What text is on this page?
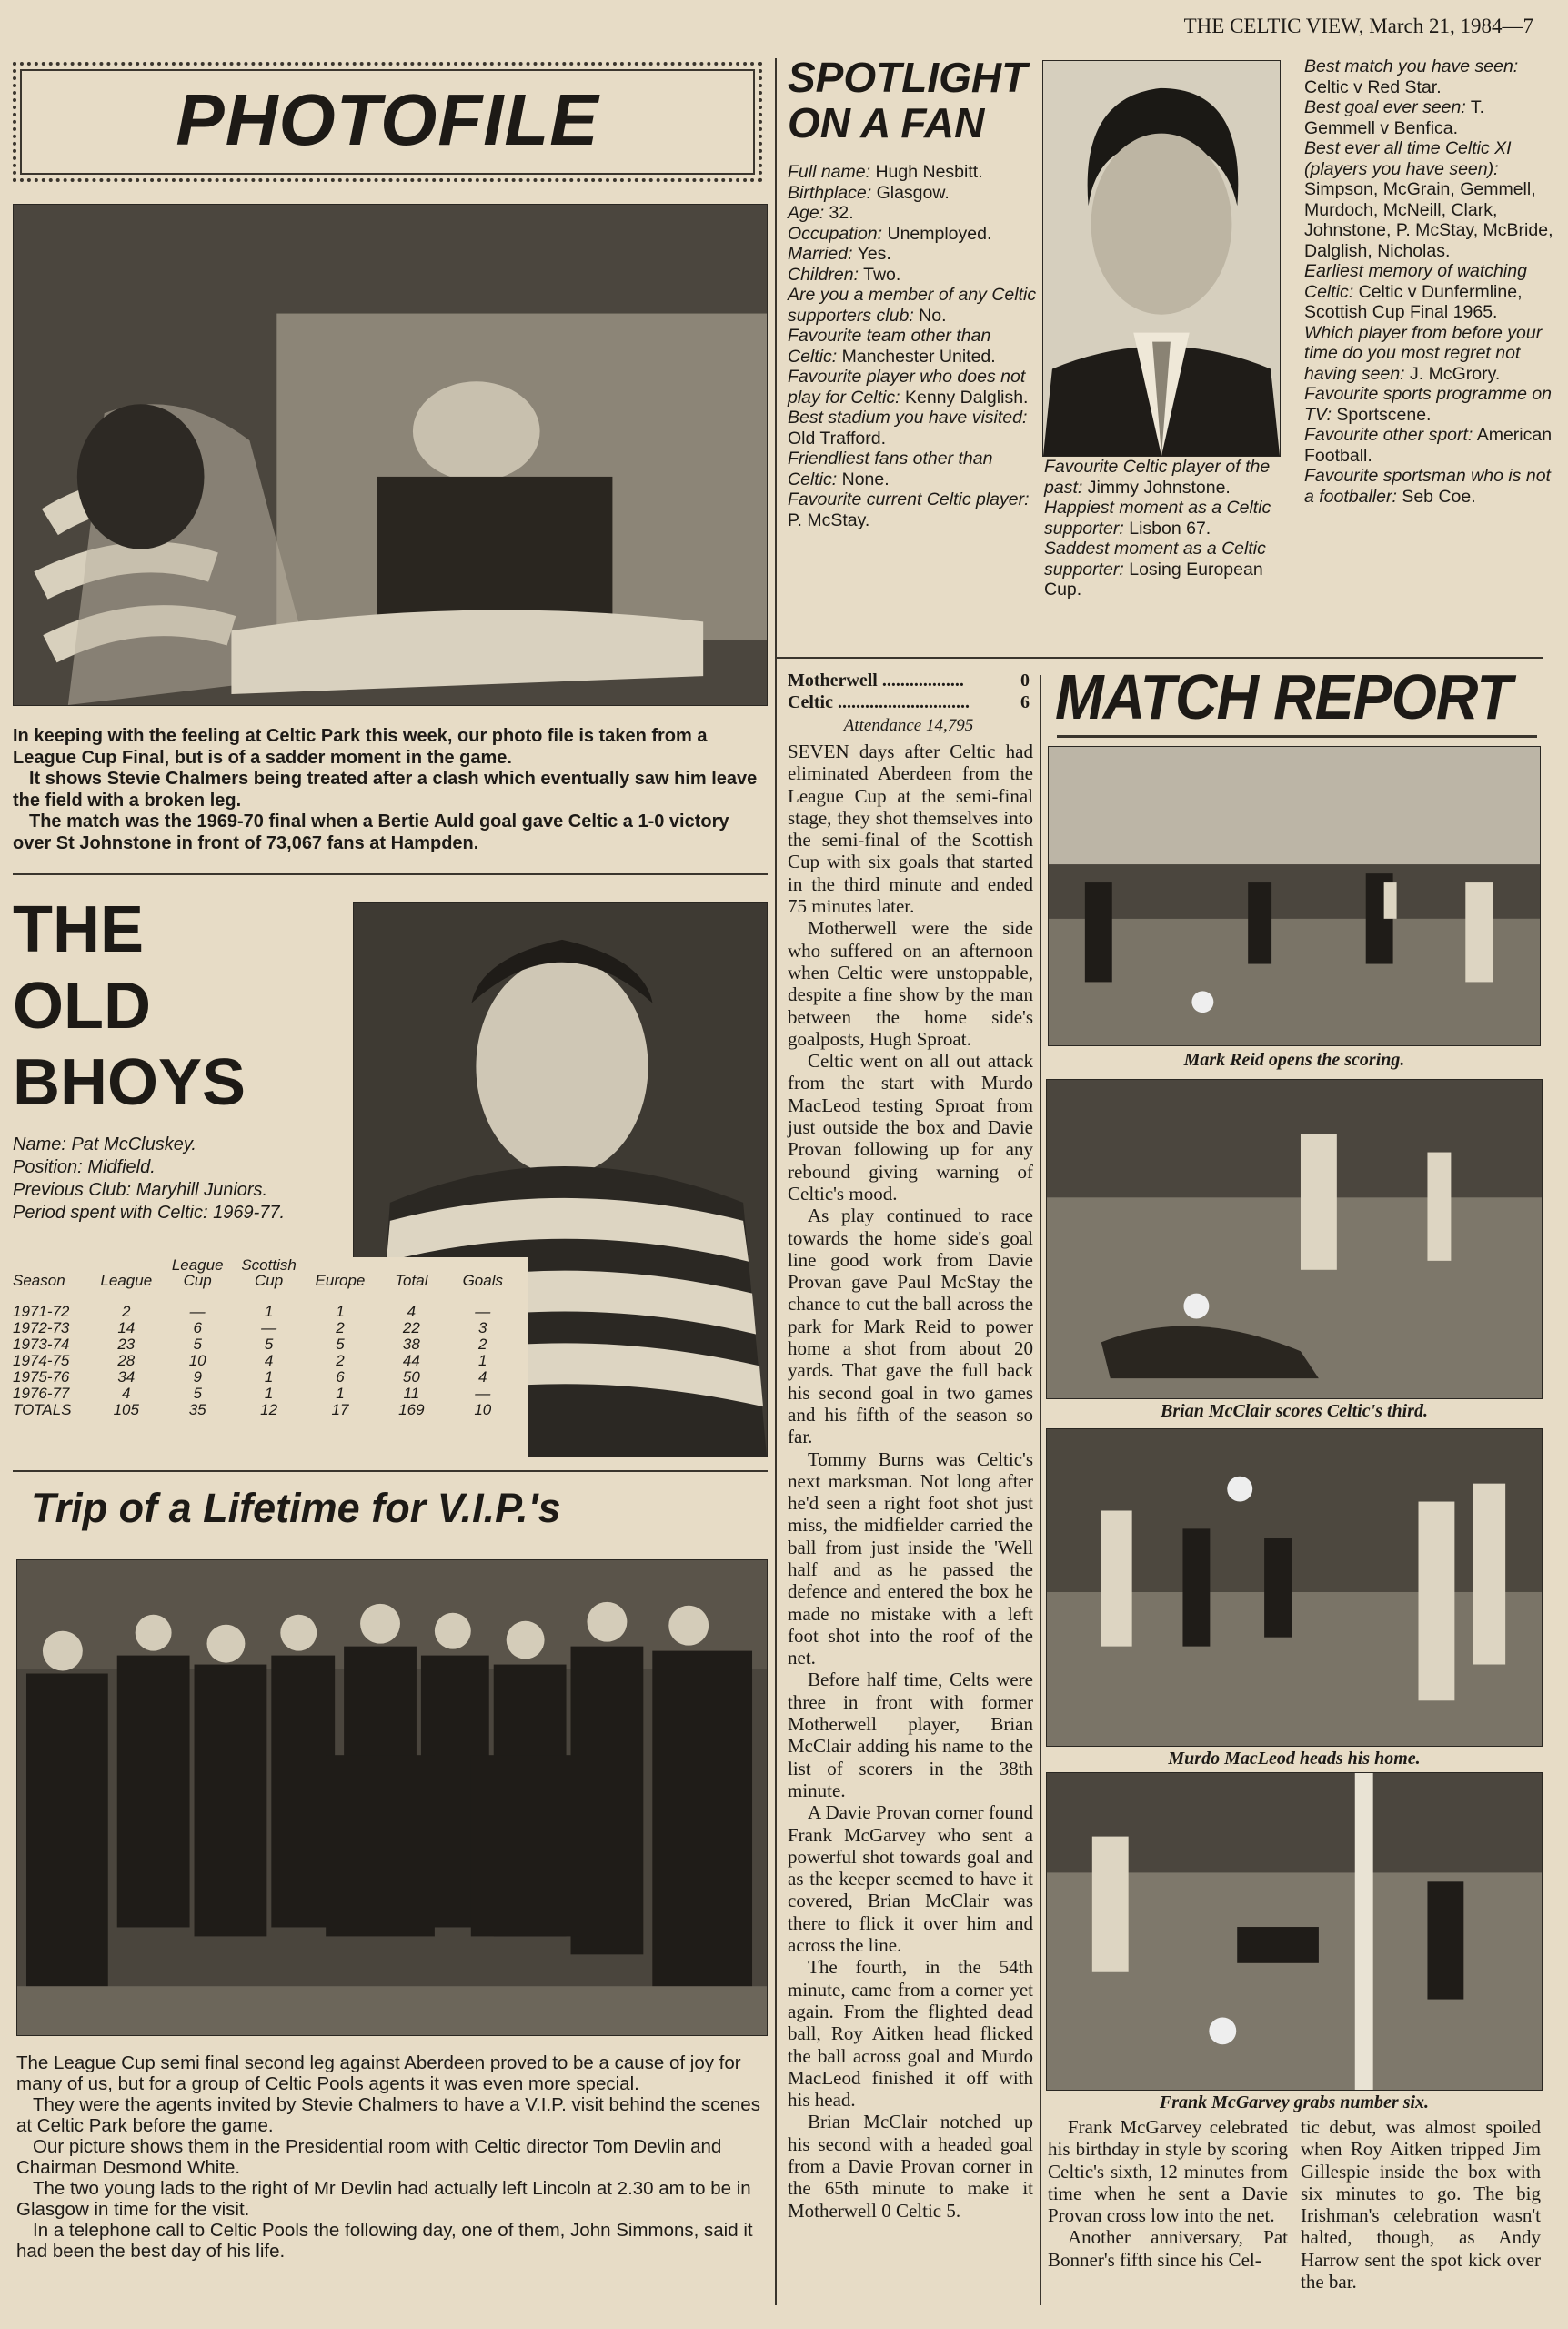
THE CELTIC VIEW, March 21, 1984—7
PHOTOFILE

In keeping with the feeling at Celtic Park this week, our photo file is taken from a League Cup Final, but is of a sadder moment in the game.

It shows Stevie Chalmers being treated after a clash which eventually saw him leave the field with a broken leg.

The match was the 1969-70 final when a Bertie Auld goal gave Celtic a 1-0 victory over St Johnstone in front of 73,067 fans at Hampden.

THE
OLD
BHOYS
Name: Pat McCluskey.
Position: Midfield.
Previous Club: Maryhill Juniors.
Period spent with Celtic: 1969-77.
Season	League	League Cup	Scottish Cup	Europe	Total	Goals
1971-72	2	—	1	1	4	—
1972-73	14	6	—	2	22	3
1973-74	23	5	5	5	38	2
1974-75	28	10	4	2	44	1
1975-76	34	9	1	6	50	4
1976-77	4	5	1	1	11	—
TOTALS	105	35	12	17	169	10
Trip of a Lifetime for V.I.P.'s

The League Cup semi final second leg against Aberdeen proved to be a cause of joy for many of us, but for a group of Celtic Pools agents it was even more special.

They were the agents invited by Stevie Chalmers to have a V.I.P. visit behind the scenes at Celtic Park before the game.

Our picture shows them in the Presidential room with Celtic director Tom Devlin and Chairman Desmond White.

The two young lads to the right of Mr Devlin had actually left Lincoln at 2.30 am to be in Glasgow in time for the visit.

In a telephone call to Celtic Pools the following day, one of them, John Simmons, said it had been the best day of his life.

SPOTLIGHT
ON A FAN
Full name: Hugh Nesbitt.
Birthplace: Glasgow.
Age: 32.
Occupation: Unemployed.
Married: Yes.
Children: Two.
Are you a member of any Celtic supporters club: No.
Favourite team other than Celtic: Manchester United.
Favourite player who does not play for Celtic: Kenny Dalglish.
Best stadium you have visited: Old Trafford.
Friendliest fans other than Celtic: None.
Favourite current Celtic player: P. McStay.
Favourite Celtic player of the past: Jimmy Johnstone.
Happiest moment as a Celtic supporter: Lisbon 67.
Saddest moment as a Celtic supporter: Losing European Cup.
Best match you have seen: Celtic v Red Star.
Best goal ever seen: T. Gemmell v Benfica.
Best ever all time Celtic XI (players you have seen): Simpson, McGrain, Gemmell, Murdoch, McNeill, Clark, Johnstone, P. McStay, McBride, Dalglish, Nicholas.
Earliest memory of watching Celtic: Celtic v Dunfermline, Scottish Cup Final 1965.
Which player from before your time do you most regret not having seen: J. McGrory.
Favourite sports programme on TV: Sportscene.
Favourite other sport: American Football.
Favourite sportsman who is not a footballer: Seb Coe.
MATCH REPORT
Motherwell ..................	0
Celtic .............................	6
Attendance 14,795

SEVEN days after Celtic had eliminated Aberdeen from the League Cup at the semi-final stage, they shot themselves into the semi-final of the Scottish Cup with six goals that started in the third minute and ended 75 minutes later.

Motherwell were the side who suffered on an afternoon when Celtic were unstoppable, despite a fine show by the man between the home side's goalposts, Hugh Sproat.

Celtic went on all out attack from the start with Murdo MacLeod testing Sproat from just outside the box and Davie Provan following up for any rebound giving warning of Celtic's mood.

As play continued to race towards the home side's goal line good work from Davie Provan gave Paul McStay the chance to cut the ball across the park for Mark Reid to power home a shot from about 20 yards. That gave the full back his second goal in two games and his fifth of the season so far.

Tommy Burns was Celtic's next marksman. Not long after he'd seen a right foot shot just miss, the midfielder carried the ball from just inside the 'Well half and as he passed the defence and entered the box he made no mistake with a left foot shot into the roof of the net.

Before half time, Celts were three in front with former Motherwell player, Brian McClair adding his name to the list of scorers in the 38th minute.

A Davie Provan corner found Frank McGarvey who sent a powerful shot towards goal and as the keeper seemed to have it covered, Brian McClair was there to flick it over him and across the line.

The fourth, in the 54th minute, came from a corner yet again. From the flighted dead ball, Roy Aitken head flicked the ball across goal and Murdo MacLeod finished it off with his head.

Brian McClair notched up his second with a headed goal from a Davie Provan corner in the 65th minute to make it Motherwell 0 Celtic 5.

Mark Reid opens the scoring.
Brian McClair scores Celtic's third.
Murdo MacLeod heads his home.
Frank McGarvey grabs number six.

Frank McGarvey celebrated his birthday in style by scoring Celtic's sixth, 12 minutes from time when he sent a Davie Provan cross low into the net.

Another anniversary, Pat Bonner's fifth since his Cel-

tic debut, was almost spoiled when Roy Aitken tripped Jim Gillespie inside the box with six minutes to go. The big Irishman's celebration wasn't halted, though, as Andy Harrow sent the spot kick over the bar.
